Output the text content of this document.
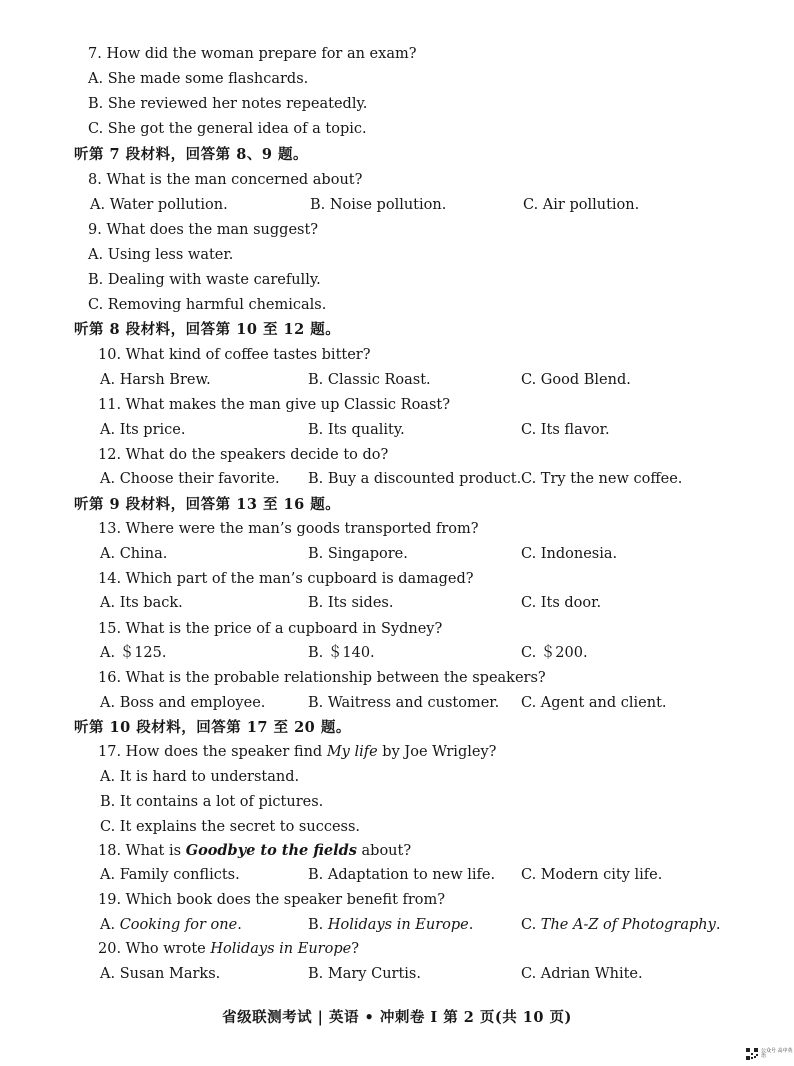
7. How did the woman prepare for an exam?
A. She made some flashcards.
B. She reviewed her notes repeatedly.
C. She got the general idea of a topic.
听第 7 段材料，回答第 8、9 题。
8. What is the man concerned about?
A. Water pollution.	B. Noise pollution.	C. Air pollution.
9. What does the man suggest?
A. Using less water.
B. Dealing with waste carefully.
C. Removing harmful chemicals.
听第 8 段材料，回答第 10 至 12 题。
10. What kind of coffee tastes bitter?
A. Harsh Brew.	B. Classic Roast.	C. Good Blend.
11. What makes the man give up Classic Roast?
A. Its price.	B. Its quality.	C. Its flavor.
12. What do the speakers decide to do?
A. Choose their favorite. B. Buy a discounted product. C. Try the new coffee.
听第 9 段材料，回答第 13 至 16 题。
13. Where were the man’s goods transported from?
A. China.	B. Singapore.	C. Indonesia.
14. Which part of the man’s cupboard is damaged?
A. Its back.	B. Its sides.	C. Its door.
15. What is the price of a cupboard in Sydney?
A. ＄125.	B. ＄140.	C. ＄200.
16. What is the probable relationship between the speakers?
A. Boss and employee.	B. Waitress and customer. C. Agent and client.
听第 10 段材料，回答第 17 至 20 题。
17. How does the speaker find My life by Joe Wrigley?
A. It is hard to understand.
B. It contains a lot of pictures.
C. It explains the secret to success.
18. What is Goodbye to the fields about?
A. Family conflicts.	B. Adaptation to new life. C. Modern city life.
19. Which book does the speaker benefit from?
A. Cooking for one.	B. Holidays in Europe.	C. The A-Z of Photography.
20. Who wrote Holidays in Europe?
A. Susan Marks.	B. Mary Curtis.	C. Adrian White.
省级联测考试 | 英语 • 冲刺卷 Ⅰ 第 2 页(共 10 页)
公众号 高中英语
